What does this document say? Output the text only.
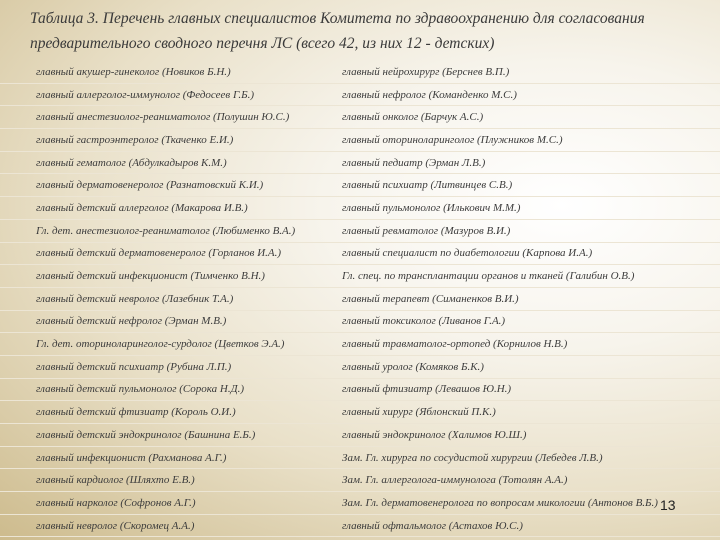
Таблица 3. Перечень главных специалистов Комитета по здравоохранению для согласования предварительного сводного перечня ЛС (всего 42, из них 12 - детских)
главный акушер-гинеколог (Новиков Б.Н.)	главный нейрохирург (Берснев В.П.)
главный аллерголог-иммунолог (Федосеев Г.Б.)	главный нефролог (Команденко М.С.)
главный анестезиолог-реаниматолог (Полушин Ю.С.)	главный онколог (Барчук А.С.)
главный гастроэнтеролог (Ткаченко Е.И.)	главный оториноларинголог (Плужников М.С.)
главный гематолог (Абдулкадыров К.М.)	главный педиатр (Эрман Л.В.)
главный дерматовенеролог (Разнатовский К.И.)	главный психиатр (Литвинцев С.В.)
главный детский аллерголог (Макарова И.В.)	главный пульмонолог (Илькович М.М.)
Гл. дет. анестезиолог-реаниматолог (Любименко В.А.)	главный ревматолог (Мазуров В.И.)
главный детский дерматовенеролог (Горланов И.А.)	главный специалист по диабетологии (Карпова И.А.)
главный детский инфекционист (Тимченко В.Н.)	Гл. спец. по трансплантации органов и тканей (Галибин О.В.)
главный детский невролог (Лазебник Т.А.)	главный терапевт (Симаненков В.И.)
главный детский нефролог (Эрман М.В.)	главный токсиколог (Ливанов Г.А.)
Гл. дет. оториноларинголог-сурдолог (Цветков Э.А.)	главный травматолог-ортопед (Корнилов Н.В.)
главный детский психиатр (Рубина Л.П.)	главный уролог (Комяков Б.К.)
главный детский пульмонолог (Сорока Н.Д.)	главный фтизиатр (Левашов Ю.Н.)
главный детский фтизиатр (Король О.И.)	главный хирург (Яблонский П.К.)
главный детский эндокринолог (Башнина Е.Б.)	главный эндокринолог (Халимов Ю.Ш.)
главный инфекционист (Рахманова А.Г.)	Зам. Гл. хирурга по сосудистой хирургии (Лебедев Л.В.)
главный кардиолог (Шляхто Е.В.)	Зам. Гл. аллерголога-иммунолога (Тотолян А.А.)
главный нарколог (Софронов А.Г.)	Зам. Гл. дерматовенеролога по вопросам микологии (Антонов В.Б.)
главный невролог (Скоромец А.А.)	главный офтальмолог (Астахов Ю.С.)
13
